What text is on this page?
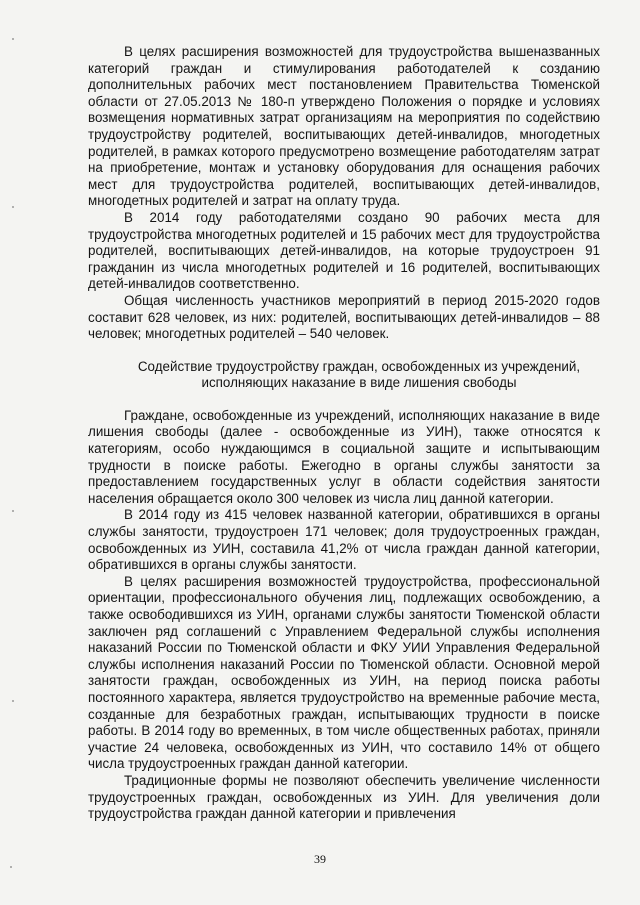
В целях расширения возможностей для трудоустройства вышеназванных категорий граждан и стимулирования работодателей к созданию дополнительных рабочих мест постановлением Правительства Тюменской области от 27.05.2013 № 180-п утверждено Положения о порядке и условиях возмещения нормативных затрат организациям на мероприятия по содействию трудоустройству родителей, воспитывающих детей-инвалидов, многодетных родителей, в рамках которого предусмотрено возмещение работодателям затрат на приобретение, монтаж и установку оборудования для оснащения рабочих мест для трудоустройства родителей, воспитывающих детей-инвалидов, многодетных родителей и затрат на оплату труда.

В 2014 году работодателями создано 90 рабочих места для трудоустройства многодетных родителей и 15 рабочих мест для трудоустройства родителей, воспитывающих детей-инвалидов, на которые трудоустроен 91 гражданин из числа многодетных родителей и 16 родителей, воспитывающих детей-инвалидов соответственно.

Общая численность участников мероприятий в период 2015-2020 годов составит 628 человек, из них: родителей, воспитывающих детей-инвалидов – 88 человек; многодетных родителей – 540 человек.

Содействие трудоустройству граждан, освобожденных из учреждений, исполняющих наказание в виде лишения свободы

Граждане, освобожденные из учреждений, исполняющих наказание в виде лишения свободы (далее - освобожденные из УИН), также относятся к категориям, особо нуждающимся в социальной защите и испытывающим трудности в поиске работы. Ежегодно в органы службы занятости за предоставлением государственных услуг в области содействия занятости населения обращается около 300 человек из числа лиц данной категории.

В 2014 году из 415 человек названной категории, обратившихся в органы службы занятости, трудоустроен 171 человек; доля трудоустроенных граждан, освобожденных из УИН, составила 41,2% от числа граждан данной категории, обратившихся в органы службы занятости.

В целях расширения возможностей трудоустройства, профессиональной ориентации, профессионального обучения лиц, подлежащих освобождению, а также освободившихся из УИН, органами службы занятости Тюменской области заключен ряд соглашений с Управлением Федеральной службы исполнения наказаний России по Тюменской области и ФКУ УИИ Управления Федеральной службы исполнения наказаний России по Тюменской области. Основной мерой занятости граждан, освобожденных из УИН, на период поиска работы постоянного характера, является трудоустройство на временные рабочие места, созданные для безработных граждан, испытывающих трудности в поиске работы. В 2014 году во временных, в том числе общественных работах, приняли участие 24 человека, освобожденных из УИН, что составило 14% от общего числа трудоустроенных граждан данной категории.

Традиционные формы не позволяют обеспечить увеличение численности трудоустроенных граждан, освобожденных из УИН. Для увеличения доли трудоустройства граждан данной категории и привлечения

39
